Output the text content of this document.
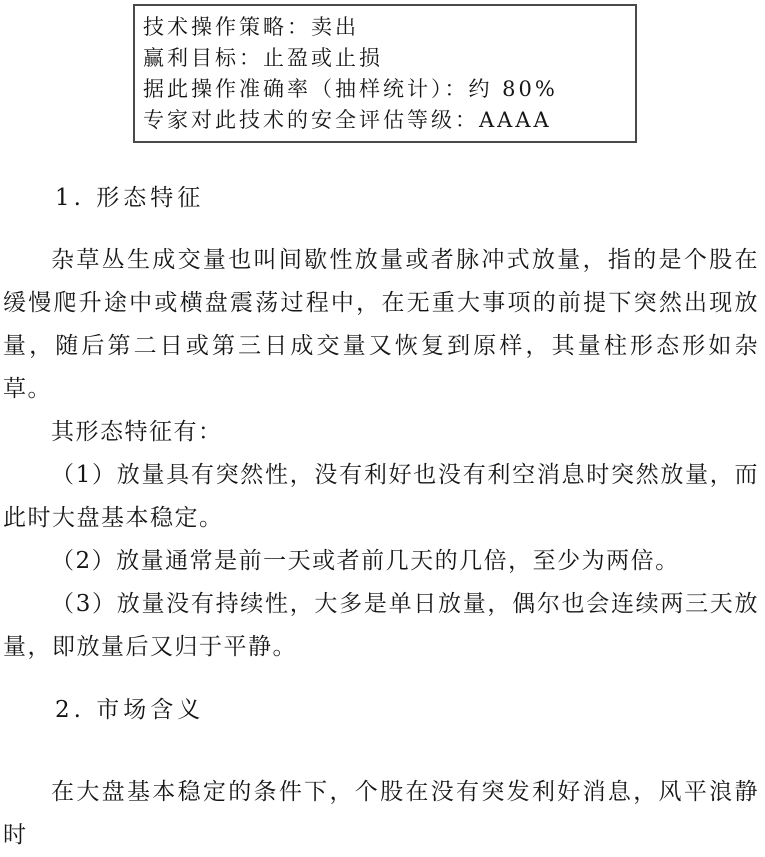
技术操作策略：卖出
赢利目标：止盈或止损
据此操作准确率（抽样统计）：约 80%
专家对此技术的安全评估等级：AAAA
1. 形态特征

杂草丛生成交量也叫间歇性放量或者脉冲式放量，指的是个股在缓慢爬升途中或横盘震荡过程中，在无重大事项的前提下突然出现放量，随后第二日或第三日成交量又恢复到原样，其量柱形态形如杂草。

其形态特征有：

（1）放量具有突然性，没有利好也没有利空消息时突然放量，而此时大盘基本稳定。

（2）放量通常是前一天或者前几天的几倍，至少为两倍。

（3）放量没有持续性，大多是单日放量，偶尔也会连续两三天放量，即放量后又归于平静。

2. 市场含义

在大盘基本稳定的条件下，个股在没有突发利好消息，风平浪静时
